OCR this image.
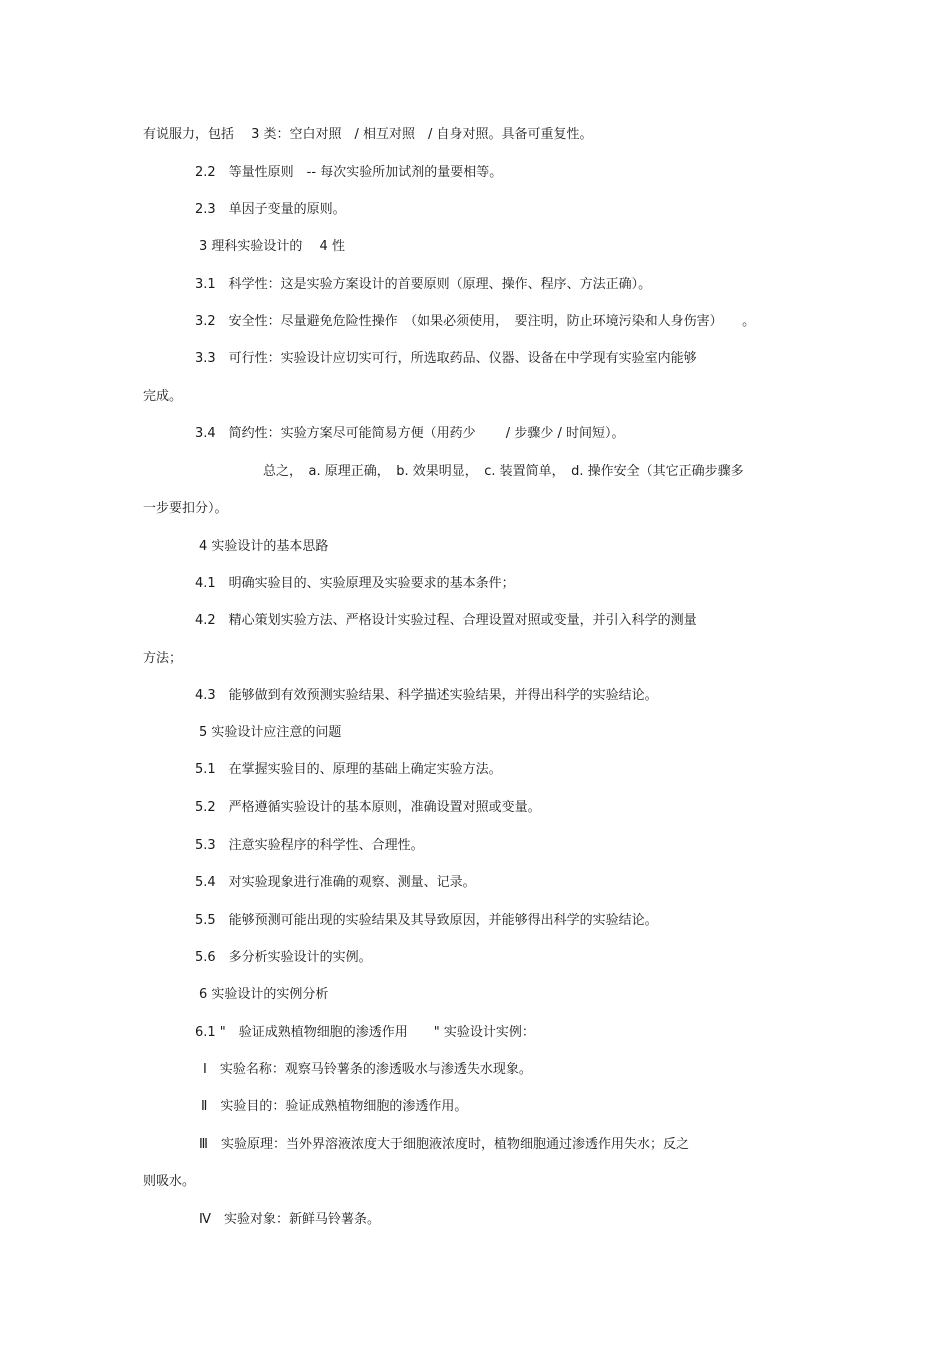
有说服力，包括　 3 类：空白对照　/ 相互对照　/ 自身对照。具备可重复性。
2.2　等量性原则　-- 每次实验所加试剂的量要相等。
2.3　单因子变量的原则。
3 理科实验设计的　 4 性
3.1　科学性：这是实验方案设计的首要原则（原理、操作、程序、方法正确）。
3.2　安全性：尽量避免危险性操作　（如果必须使用，　要注明，防止环境污染和人身伤害）　　。
3.3　可行性：实验设计应切实可行，所选取药品、仪器、设备在中学现有实验室内能够
完成。
3.4　简约性：实验方案尽可能简易方便（用药少　　 / 步骤少 / 时间短）。
总之，　a. 原理正确，　b. 效果明显，　c. 装置简单，　d. 操作安全（其它正确步骤多
一步要扣分）。
4 实验设计的基本思路
4.1　明确实验目的、实验原理及实验要求的基本条件；
4.2　精心策划实验方法、严格设计实验过程、合理设置对照或变量，并引入科学的测量
方法；
4.3　能够做到有效预测实验结果、科学描述实验结果，并得出科学的实验结论。
5 实验设计应注意的问题
5.1　在掌握实验目的、原理的基础上确定实验方法。
5.2　严格遵循实验设计的基本原则，准确设置对照或变量。
5.3　注意实验程序的科学性、合理性。
5.4　对实验现象进行准确的观察、测量、记录。
5.5　能够预测可能出现的实验结果及其导致原因，并能够得出科学的实验结论。
5.6　多分析实验设计的实例。
6 实验设计的实例分析
6.1 "　验证成熟植物细胞的渗透作用　　" 实验设计实例：
Ⅰ　实验名称：观察马铃薯条的渗透吸水与渗透失水现象。
Ⅱ　实验目的：验证成熟植物细胞的渗透作用。
Ⅲ　实验原理：当外界溶液浓度大于细胞液浓度时，植物细胞通过渗透作用失水；反之
则吸水。
Ⅳ　实验对象：新鲜马铃薯条。
